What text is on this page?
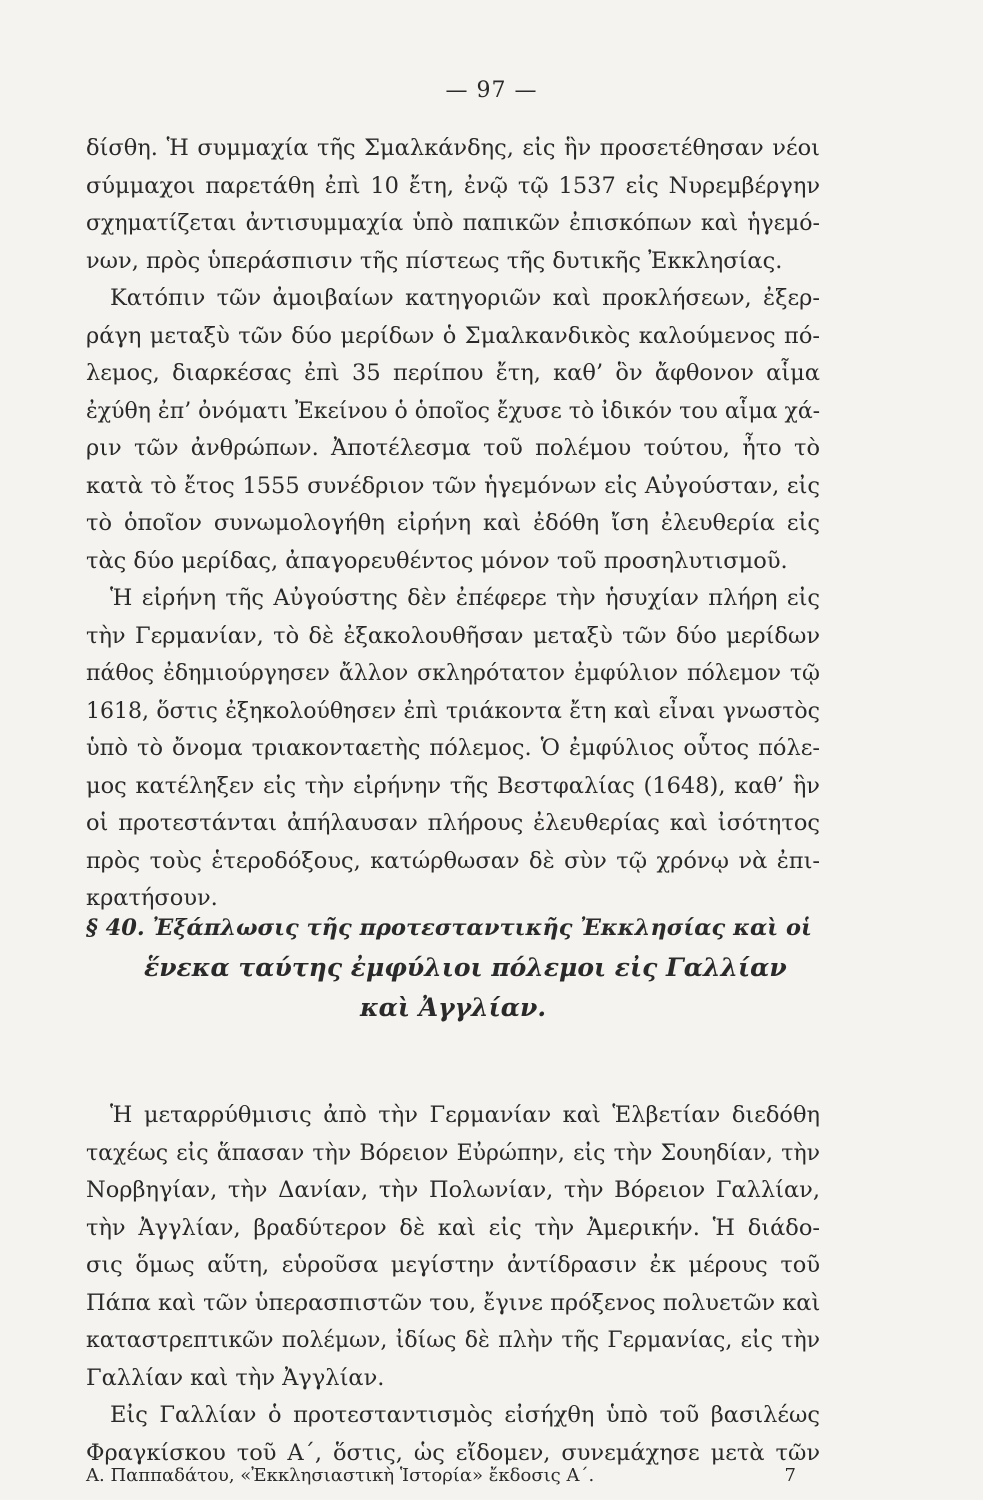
— 97 —
δίσθη. Ἡ συμμαχία τῆς Σμαλκάνδης, εἰς ἣν προσετέθησαν νέοι
σύμμαχοι παρετάθη ἐπὶ 10 ἔτη, ἐνῷ τῷ 1537 εἰς Νυρεμβέργην
σχηματίζεται ἀντισυμμαχία ὑπὸ παπικῶν ἐπισκόπων καὶ ἡγεμό-
νων, πρὸς ὑπεράσπισιν τῆς πίστεως τῆς δυτικῆς Ἐκκλησίας.
Κατόπιν τῶν ἀμοιβαίων κατηγοριῶν καὶ προκλήσεων, ἐξερ-
ράγη μεταξὺ τῶν δύο μερίδων ὁ Σμαλκανδικὸς καλούμενος πό-
λεμος, διαρκέσας ἐπὶ 35 περίπου ἔτη, καθ’ ὃν ἄφθονον αἷμα
ἐχύθη ἐπ’ ὀνόματι Ἐκείνου ὁ ὁποῖος ἔχυσε τὸ ἰδικόν του αἷμα χά-
ριν τῶν ἀνθρώπων. Ἀποτέλεσμα τοῦ πολέμου τούτου, ἦτο τὸ
κατὰ τὸ ἔτος 1555 συνέδριον τῶν ἡγεμόνων εἰς Αὐγούσταν, εἰς
τὸ ὁποῖον συνωμολογήθη εἰρήνη καὶ ἐδόθη ἴση ἐλευθερία εἰς
τὰς δύο μερίδας, ἀπαγορευθέντος μόνον τοῦ προσηλυτισμοῦ.
Ἡ εἰρήνη τῆς Αὐγούστης δὲν ἐπέφερε τὴν ἡσυχίαν πλήρη εἰς
τὴν Γερμανίαν, τὸ δὲ ἐξακολουθῆσαν μεταξὺ τῶν δύο μερίδων
πάθος ἐδημιούργησεν ἄλλον σκληρότατον ἐμφύλιον πόλεμον τῷ
1618, ὅστις ἐξηκολούθησεν ἐπὶ τριάκοντα ἔτη καὶ εἶναι γνωστὸς
ὑπὸ τὸ ὄνομα τριακονταετὴς πόλεμος. Ὁ ἐμφύλιος οὗτος πόλε-
μος κατέληξεν εἰς τὴν εἰρήνην τῆς Βεστφαλίας (1648), καθ’ ἣν
οἱ προτεστάνται ἀπήλαυσαν πλήρους ἐλευθερίας καὶ ἰσότητος
πρὸς τοὺς ἑτεροδόξους, κατώρθωσαν δὲ σὺν τῷ χρόνῳ νὰ ἐπι-
κρατήσουν.
§ 40. Ἐξάπλωσις τῆς προτεσταντικῆς Ἐκκλησίας καὶ οἱ
ἕνεκα ταύτης ἐμφύλιοι πόλεμοι εἰς Γαλλίαν
καὶ Ἀγγλίαν.
Ἡ μεταρρύθμισις ἀπὸ τὴν Γερμανίαν καὶ Ἑλβετίαν διεδόθη
ταχέως εἰς ἅπασαν τὴν Βόρειον Εὐρώπην, εἰς τὴν Σουηδίαν, τὴν
Νορβηγίαν, τὴν Δανίαν, τὴν Πολωνίαν, τὴν Βόρειον Γαλλίαν,
τὴν Ἀγγλίαν, βραδύτερον δὲ καὶ εἰς τὴν Ἀμερικήν. Ἡ διάδο-
σις ὅμως αὕτη, εὑροῦσα μεγίστην ἀντίδρασιν ἐκ μέρους τοῦ
Πάπα καὶ τῶν ὑπερασπιστῶν του, ἔγινε πρόξενος πολυετῶν καὶ
καταστρεπτικῶν πολέμων, ἰδίως δὲ πλὴν τῆς Γερμανίας, εἰς τὴν
Γαλλίαν καὶ τὴν Ἀγγλίαν.
Εἰς Γαλλίαν ὁ προτεσταντισμὸς εἰσήχθη ὑπὸ τοῦ βασιλέως
Φραγκίσκου τοῦ Α΄, ὅστις, ὡς εἴδομεν, συνεμάχησε μετὰ τῶν
Α. Παππαδάτου, «Ἐκκλησιαστικὴ Ἱστορία» ἔκδοσις Α΄.	7
